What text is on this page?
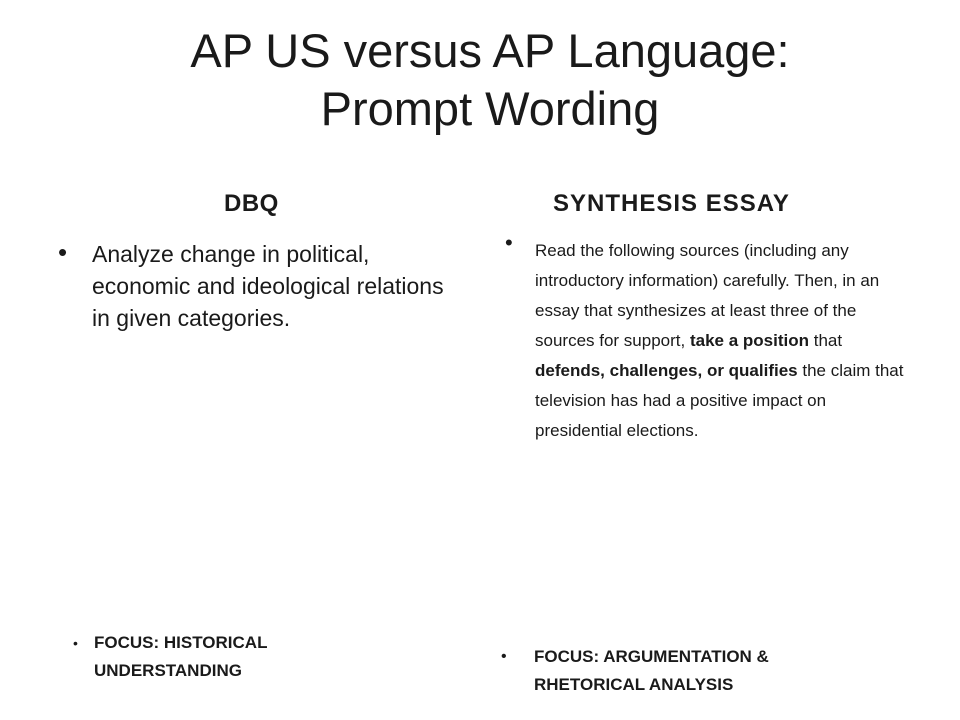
AP US versus AP Language:
Prompt Wording
DBQ	SYNTHESIS ESSAY
• Analyze change in political, economic and ideological relations in given categories.
• Read the following sources (including any introductory information) carefully. Then, in an essay that synthesizes at least three of the sources for support, take a position that defends, challenges, or qualifies the claim that television has had a positive impact on presidential elections.
• FOCUS: HISTORICAL UNDERSTANDING
• FOCUS: ARGUMENTATION & RHETORICAL ANALYSIS
